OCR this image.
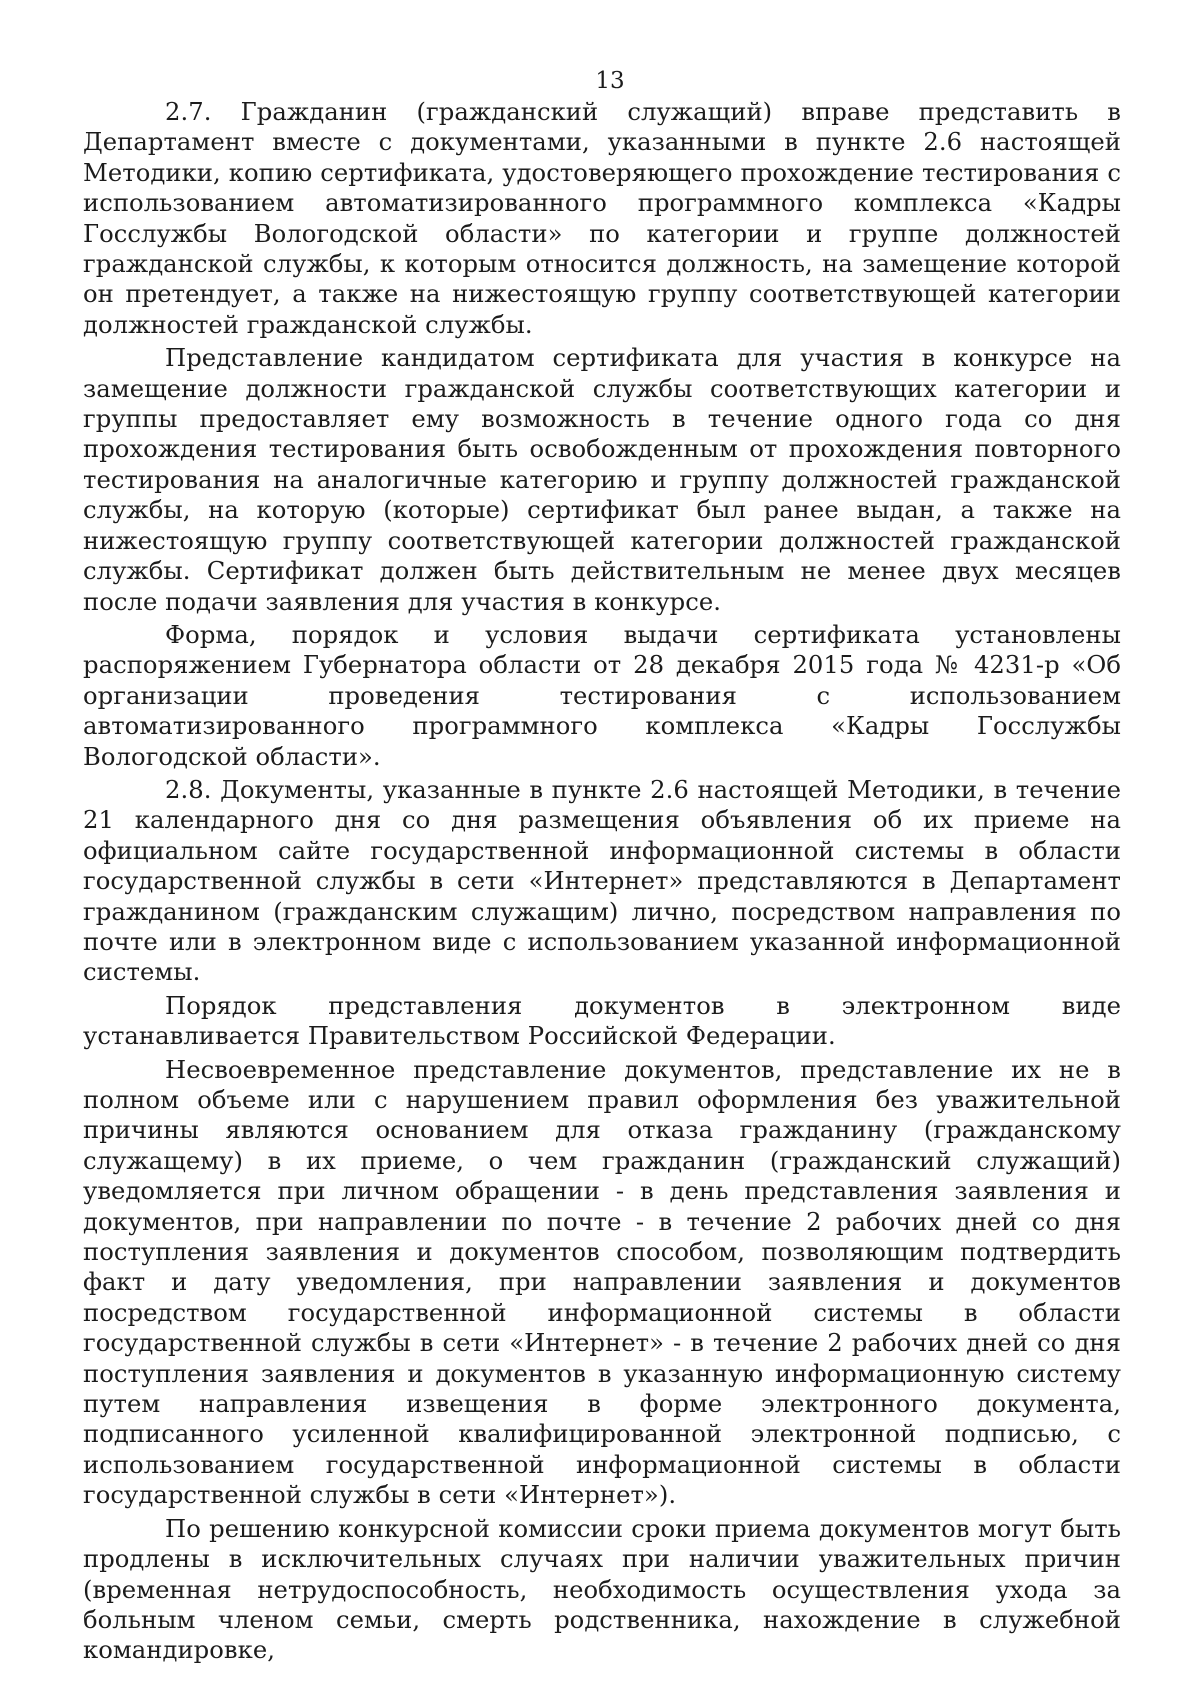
13

2.7. Гражданин (гражданский служащий) вправе представить в Департамент вместе с документами, указанными в пункте 2.6 настоящей Методики, копию сертификата, удостоверяющего прохождение тестирования с использованием автоматизированного программного комплекса «Кадры Госслужбы Вологодской области» по категории и группе должностей гражданской службы, к которым относится должность, на замещение которой он претендует, а также на нижестоящую группу соответствующей категории должностей гражданской службы.

Представление кандидатом сертификата для участия в конкурсе на замещение должности гражданской службы соответствующих категории и группы предоставляет ему возможность в течение одного года со дня прохождения тестирования быть освобожденным от прохождения повторного тестирования на аналогичные категорию и группу должностей гражданской службы, на которую (которые) сертификат был ранее выдан, а также на нижестоящую группу соответствующей категории должностей гражданской службы. Сертификат должен быть действительным не менее двух месяцев после подачи заявления для участия в конкурсе.

Форма, порядок и условия выдачи сертификата установлены распоряжением Губернатора области от 28 декабря 2015 года № 4231-р «Об организации проведения тестирования с использованием автоматизированного программного комплекса «Кадры Госслужбы Вологодской области».

2.8. Документы, указанные в пункте 2.6 настоящей Методики, в течение 21 календарного дня со дня размещения объявления об их приеме на официальном сайте государственной информационной системы в области государственной службы в сети «Интернет» представляются в Департамент гражданином (гражданским служащим) лично, посредством направления по почте или в электронном виде с использованием указанной информационной системы.

Порядок представления документов в электронном виде устанавливается Правительством Российской Федерации.

Несвоевременное представление документов, представление их не в полном объеме или с нарушением правил оформления без уважительной причины являются основанием для отказа гражданину (гражданскому служащему) в их приеме, о чем гражданин (гражданский служащий) уведомляется при личном обращении - в день представления заявления и документов, при направлении по почте - в течение 2 рабочих дней со дня поступления заявления и документов способом, позволяющим подтвердить факт и дату уведомления, при направлении заявления и документов посредством государственной информационной системы в области государственной службы в сети «Интернет» - в течение 2 рабочих дней со дня поступления заявления и документов в указанную информационную систему путем направления извещения в форме электронного документа, подписанного усиленной квалифицированной электронной подписью, с использованием государственной информационной системы в области государственной службы в сети «Интернет»).

По решению конкурсной комиссии сроки приема документов могут быть продлены в исключительных случаях при наличии уважительных причин (временная нетрудоспособность, необходимость осуществления ухода за больным членом семьи, смерть родственника, нахождение в служебной командировке,
